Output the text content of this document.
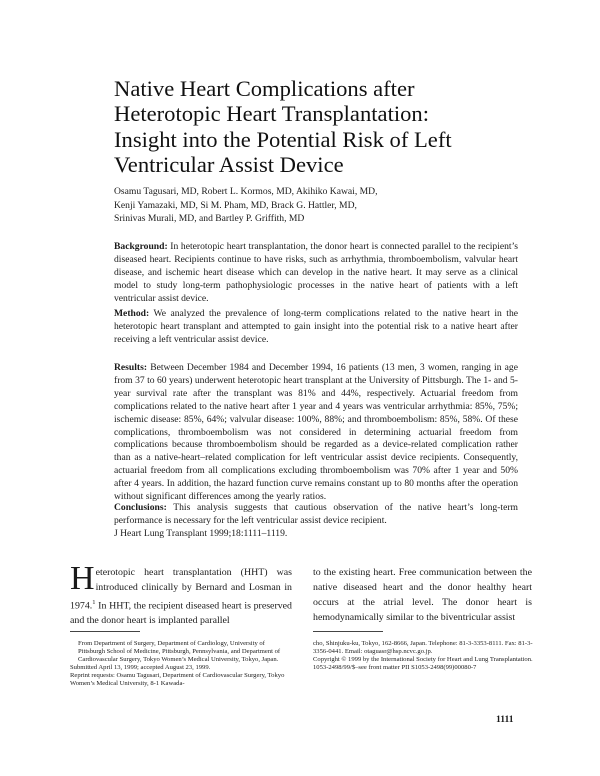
Native Heart Complications after
Heterotopic Heart Transplantation:
Insight into the Potential Risk of Left
Ventricular Assist Device
Osamu Tagusari, MD, Robert L. Kormos, MD, Akihiko Kawai, MD,
Kenji Yamazaki, MD, Si M. Pham, MD, Brack G. Hattler, MD,
Srinivas Murali, MD, and Bartley P. Griffith, MD

Background: In heterotopic heart transplantation, the donor heart is connected parallel to the recipient’s diseased heart. Recipients continue to have risks, such as arrhythmia, thromboembolism, valvular heart disease, and ischemic heart disease which can develop in the native heart. It may serve as a clinical model to study long-term pathophysiologic processes in the native heart of patients with a left ventricular assist device.

Method: We analyzed the prevalence of long-term complications related to the native heart in the heterotopic heart transplant and attempted to gain insight into the potential risk to a native heart after receiving a left ventricular assist device.

Results: Between December 1984 and December 1994, 16 patients (13 men, 3 women, ranging in age from 37 to 60 years) underwent heterotopic heart transplant at the University of Pittsburgh. The 1- and 5-year survival rate after the transplant was 81% and 44%, respectively. Actuarial freedom from complications related to the native heart after 1 year and 4 years was ventricular arrhythmia: 85%, 75%; ischemic disease: 85%, 64%; valvular disease: 100%, 88%; and thromboembolism: 85%, 58%. Of these complications, thromboembolism was not considered in determining actuarial freedom from complications because thromboembolism should be regarded as a device-related complication rather than as a native-heart–related complication for left ventricular assist device recipients. Consequently, actuarial freedom from all complications excluding thromboembolism was 70% after 1 year and 50% after 4 years. In addition, the hazard function curve remains constant up to 80 months after the operation without significant differences among the yearly ratios.

Conclusions: This analysis suggests that cautious observation of the native heart’s long-term performance is necessary for the left ventricular assist device recipient.

J Heart Lung Transplant 1999;18:1111–1119.

Heterotopic heart transplantation (HHT) was introduced clinically by Bernard and Losman in 1974.$^1$ In HHT, the recipient diseased heart is preserved and the donor heart is implanted parallel

to the existing heart. Free communication between the native diseased heart and the donor healthy heart occurs at the atrial level. The donor heart is hemodynamically similar to the biventricular assist

From Department of Surgery, Department of Cardiology, University of Pittsburgh School of Medicine, Pittsburgh, Pennsylvania, and Department of Cardiovascular Surgery, Tokyo Women’s Medical University, Tokyo, Japan.

Submitted April 13, 1999; accepted August 23, 1999.

Reprint requests: Osamu Tagusari, Department of Cardiovascular Surgery, Tokyo Women’s Medical University, 8-1 Kawada-

cho, Shinjuku-ku, Tokyo, 162-8666, Japan. Telephone: 81-3-3353-8111. Fax: 81-3-3356-0441. Email: otaguasr@hsp.ncvc.go.jp.

Copyright © 1999 by the International Society for Heart and Lung Transplantation.

1053-2498/99/$–see front matter PII S1053-2498(99)00080-7

1111
